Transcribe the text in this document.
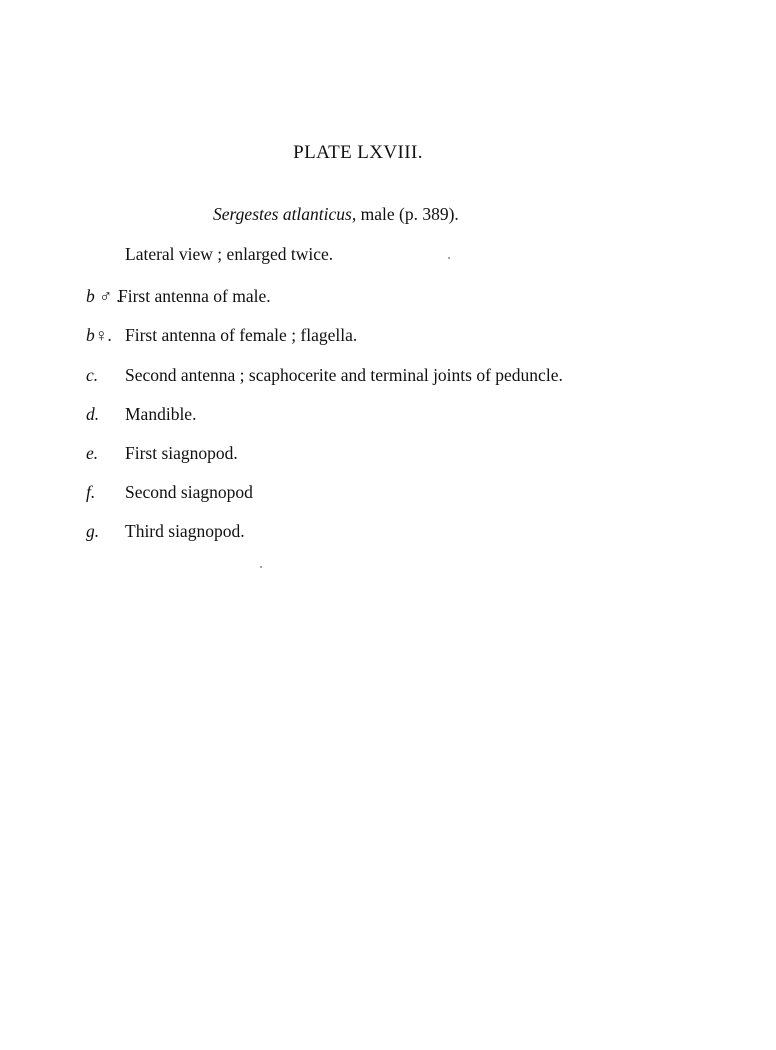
PLATE LXVIII.
Sergestes atlanticus, male (p. 389).
Lateral view ; enlarged twice.
b ♂ .
First antenna of male.
b♀. First antenna of female ; flagella.
c. Second antenna ; scaphocerite and terminal joints of peduncle.
d. Mandible.
e. First siagnopod.
f. Second siagnopod
g. Third siagnopod.
